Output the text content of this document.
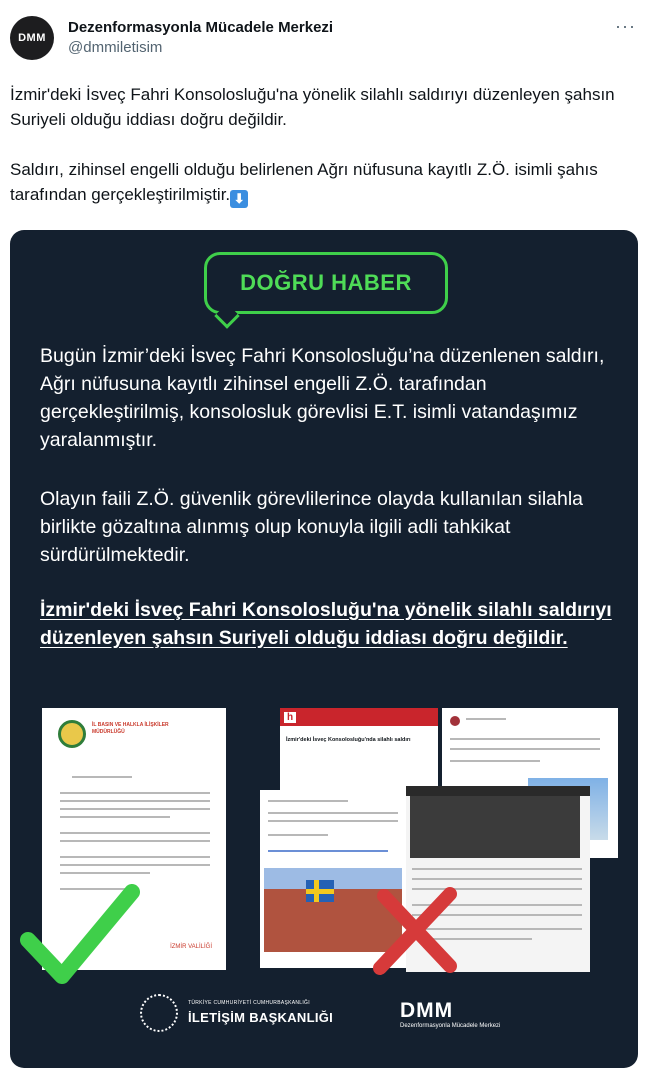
DMM
Dezenformasyonla Mücadele Merkezi
@dmmiletisim
···

İzmir'deki İsveç Fahri Konsolosluğu'na yönelik silahlı saldırıyı düzenleyen şahsın Suriyeli olduğu iddiası doğru değildir.

Saldırı, zihinsel engelli olduğu belirlenen Ağrı nüfusuna kayıtlı Z.Ö. isimli şahıs tarafından gerçekleştirilmiştir. ⬇

DOĞRU HABER
Bugün İzmir’deki İsveç Fahri Konsolosluğu’na düzenlenen saldırı, Ağrı nüfusuna kayıtlı zihinsel engelli Z.Ö. tarafından gerçekleştirilmiş, konsolosluk görevlisi E.T. isimli vatandaşımız yaralanmıştır.
Olayın faili Z.Ö. güvenlik görevlilerince olayda kullanılan silahla birlikte gözaltına alınmış olup konuyla ilgili adli tahkikat sürdürülmektedir.
İzmir'deki İsveç Fahri Konsolosluğu'na yönelik silahlı saldırıyı düzenleyen şahsın Suriyeli olduğu iddiası doğru değildir.
İL BASIN VE HALKLA İLİŞKİLER MÜDÜRLÜĞÜ
İZMİR VALİLİĞİ
h
İzmir'deki İsveç Konsolosluğu'nda silahlı saldırı
TÜRKİYE CUMHURİYETİ CUMHURBAŞKANLIĞI
İLETİŞİM BAŞKANLIĞI	DMM
Dezenformasyonla Mücadele Merkezi
